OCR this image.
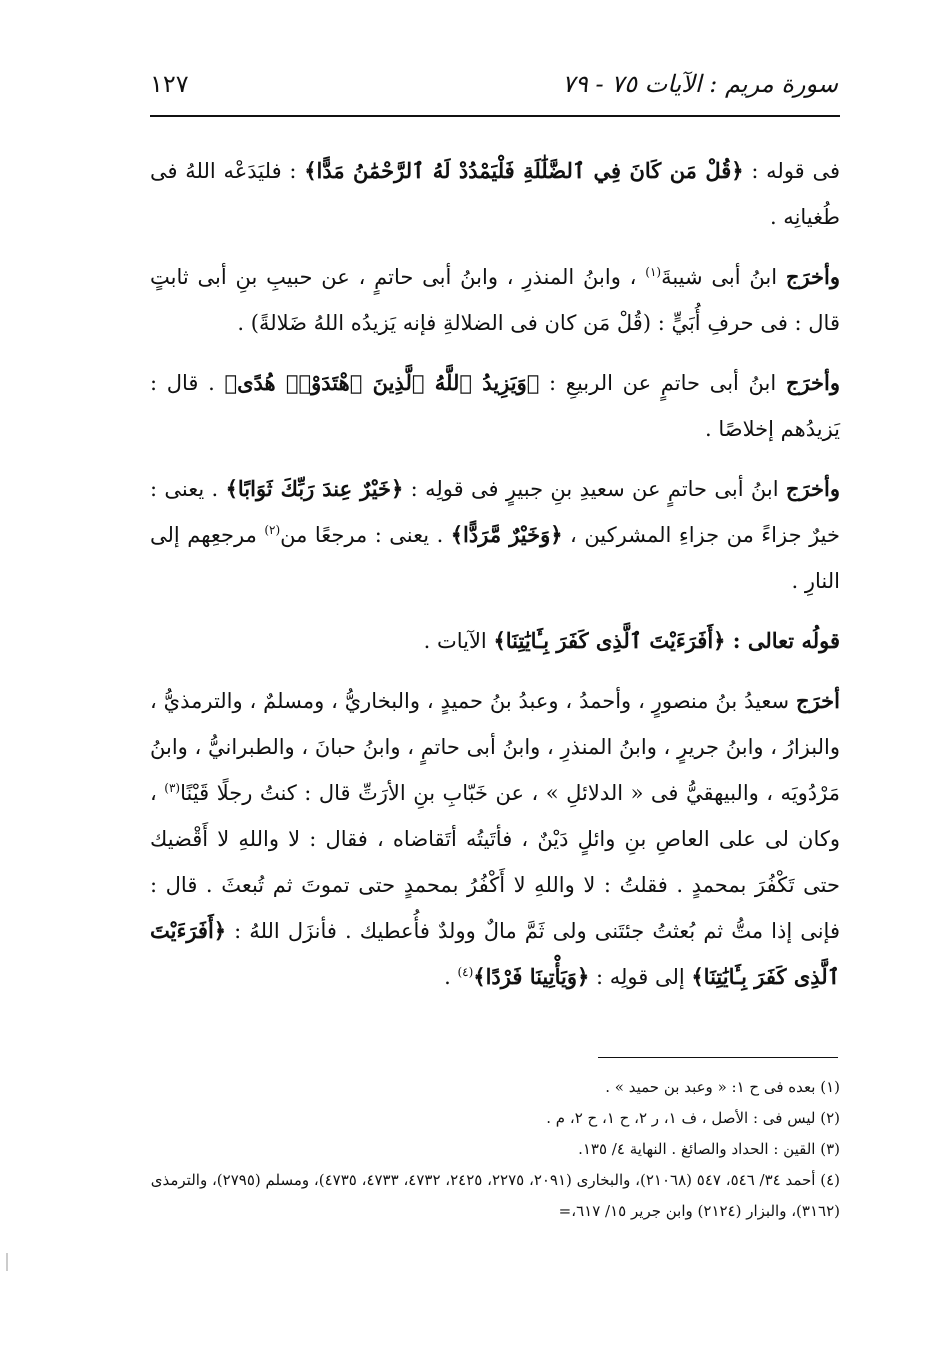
سورة مريم : الآيات ٧٥ - ٧٩
١٢٧

فى قوله : ﴿قُلْ مَن كَانَ فِي ٱلضَّلَٰلَةِ فَلْيَمْدُدْ لَهُ ٱلرَّحْمَٰنُ مَدًّا﴾ : فليَدَعْه اللهُ فى طُغيانِه .

وأخرَج ابنُ أبى شيبةَ$^{(١)}$ ، وابنُ المنذرِ ، وابنُ أبى حاتمٍ ، عن حبيبِ بنِ أبى ثابتٍ قال : فى حرفِ أُبَيٍّ : (قُلْ مَن كان فى الضلالةِ فإنه يَزيدُه اللهُ ضَلالةً) .

وأخرَج ابنُ أبى حاتمٍ عن الربيعِ : ﴿وَيَزِيدُ ٱللَّهُ ٱلَّذِينَ ٱهْتَدَوْا۟ هُدًى﴾ . قال : يَزيدُهم إخلاصًا .

وأخرَج ابنُ أبى حاتمٍ عن سعيدِ بنِ جبيرٍ فى قولِه : ﴿خَيْرٌ عِندَ رَبِّكَ ثَوَابًا﴾ . يعنى : خيرٌ جزاءً من جزاءِ المشركين ، ﴿وَخَيْرٌ مَّرَدًّا﴾ . يعنى : مرجعًا من$^{(٢)}$ مرجعِهم إلى النارِ .

قولُه تعالى : ﴿أَفَرَءَيْتَ ٱلَّذِى كَفَرَ بِـَٔايَٰتِنَا﴾ الآيات .

أخرَج سعيدُ بنُ منصورٍ ، وأحمدُ ، وعبدُ بنُ حميدٍ ، والبخاريُّ ، ومسلمٌ ، والترمذيُّ ، والبزارُ ، وابنُ جريرٍ ، وابنُ المنذرِ ، وابنُ أبى حاتمٍ ، وابنُ حبانَ ، والطبرانيُّ ، وابنُ مَرْدُويَه ، والبيهقيُّ فى « الدلائلِ » ، عن خَبّابِ بنِ الأرَتِّ قال : كنتُ رجلًا قَيْنًا$^{(٣)}$ ، وكان لى على العاصِ بنِ وائلٍ دَيْنٌ ، فأتَيتُه أتَقاضاه ، فقال : لا واللهِ لا أَقْضيك حتى تَكْفُرَ بمحمدٍ . فقلتُ : لا واللهِ لا أَكْفُرُ بمحمدٍ حتى تموتَ ثم تُبعثَ . قال : فإنى إذا متُّ ثم بُعثتُ جئتَنى ولى ثَمَّ مالٌ وولدٌ فأُعطيك . فأنزَل اللهُ : ﴿أَفَرَءَيْتَ ٱلَّذِى كَفَرَ بِـَٔايَٰتِنَا﴾ إلى قولِه : ﴿وَيَأْتِينَا فَرْدًا﴾$^{(٤)}$ .

(١) بعده فى ح ١: « وعبد بن حميد » .

(٢) ليس فى : الأصل ، ف ١، ر ٢، ح ١، ح ٢، م .

(٣) القين : الحداد والصائغ . النهاية ٤/ ١٣٥.

(٤) أحمد ٣٤/ ٥٤٦، ٥٤٧ (٢١٠٦٨)، والبخارى (٢٠٩١، ٢٢٧٥، ٢٤٢٥، ٤٧٣٢، ٤٧٣٣، ٤٧٣٥)، ومسلم (٢٧٩٥)، والترمذى (٣١٦٢)، والبزار (٢١٢٤) وابن جرير ١٥/ ٦١٧،=
